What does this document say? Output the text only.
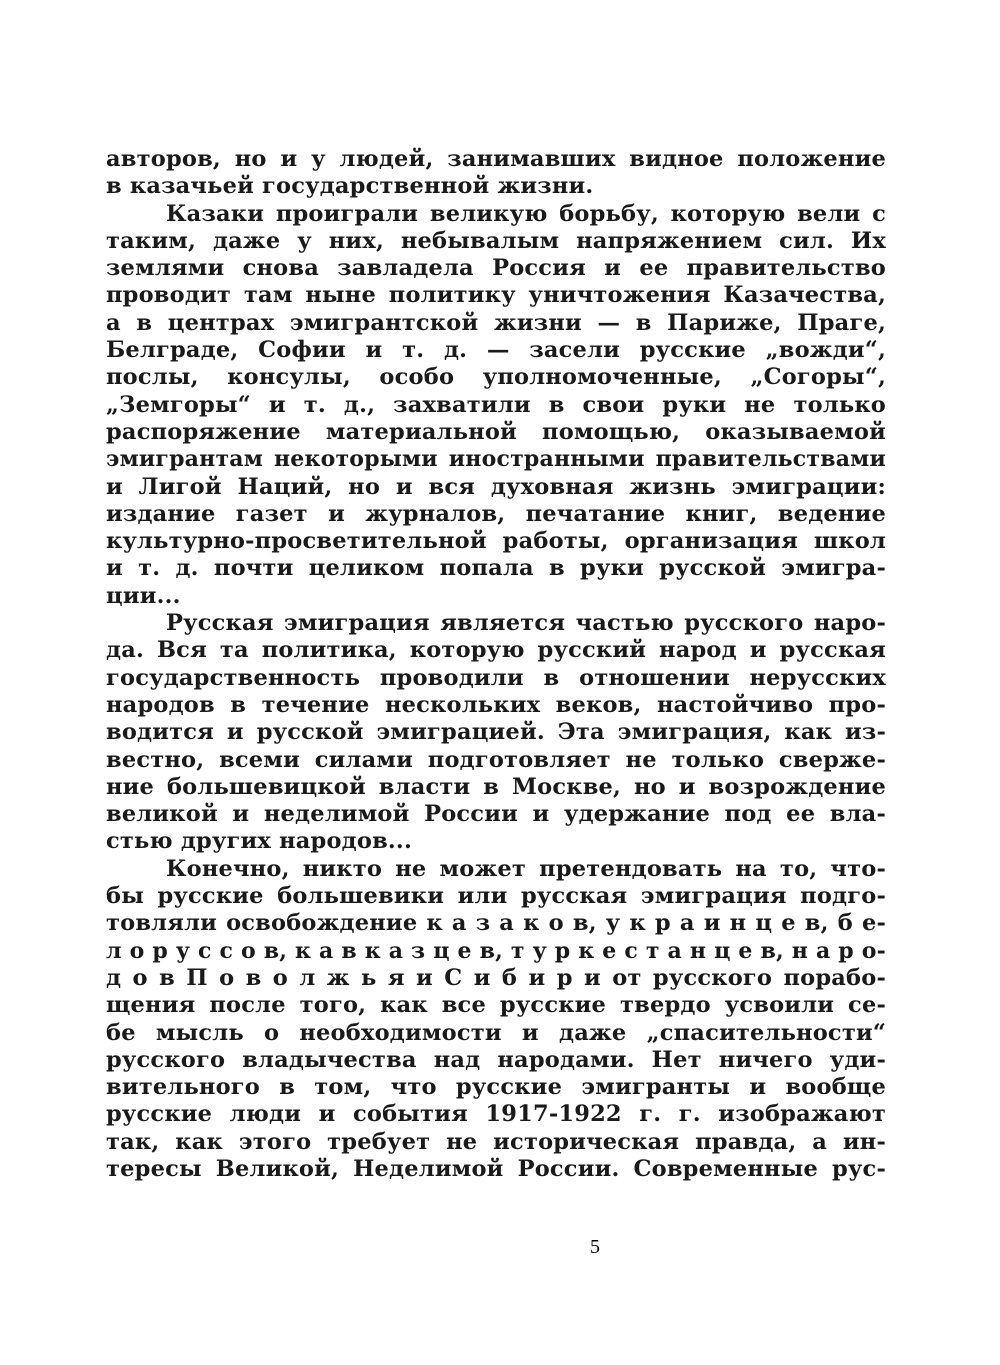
авторов, но и у людей, занимавших видное положение
в казачьей государственной жизни.
Казаки проиграли великую борьбу, которую вели с
таким, даже у них, небывалым напряжением сил. Их
землями снова завладела Россия и ее правительство
проводит там ныне политику уничтожения Казачества,
а в центрах эмигрантской жизни — в Париже, Праге,
Белграде, Софии и т. д. — засели русские „вожди“,
послы, консулы, особо уполномоченные, „Согоры“,
„Земгоры“ и т. д., захватили в свои руки не только
распоряжение материальной помощью, оказываемой
эмигрантам некоторыми иностранными правительствами
и Лигой Наций, но и вся духовная жизнь эмиграции:
издание газет и журналов, печатание книг, ведение
культурно-просветительной работы, организация школ
и т. д. почти целиком попала в руки русской эмигра-
ции...
Русская эмиграция является частью русского наро-
да. Вся та политика, которую русский народ и русская
государственность проводили в отношении нерусских
народов в течение нескольких веков, настойчиво про-
водится и русской эмиграцией. Эта эмиграция, как из-
вестно, всеми силами подготовляет не только сверже-
ние большевицкой власти в Москве, но и возрождение
великой и неделимой России и удержание под ее вла-
стью других народов...
Конечно, никто не может претендовать на то, что-
бы русские большевики или русская эмиграция подго-
товляли освобождение к а з а к о в, у к р а и н ц е в, б е-
л о р у с с о в, к а в к а з ц е в, т у р к е с т а н ц е в, н а р о-
д о в П о в о л ж ь я и С и б и р и от русского порабо-
щения после того, как все русские твердо усвоили се-
бе мысль о необходимости и даже „спасительности“
русского владычества над народами. Нет ничего уди-
вительного в том, что русские эмигранты и вообще
русские люди и события 1917-1922 г. г. изображают
так, как этого требует не историческая правда, а ин-
тересы Великой, Неделимой России. Современные рус-
5
